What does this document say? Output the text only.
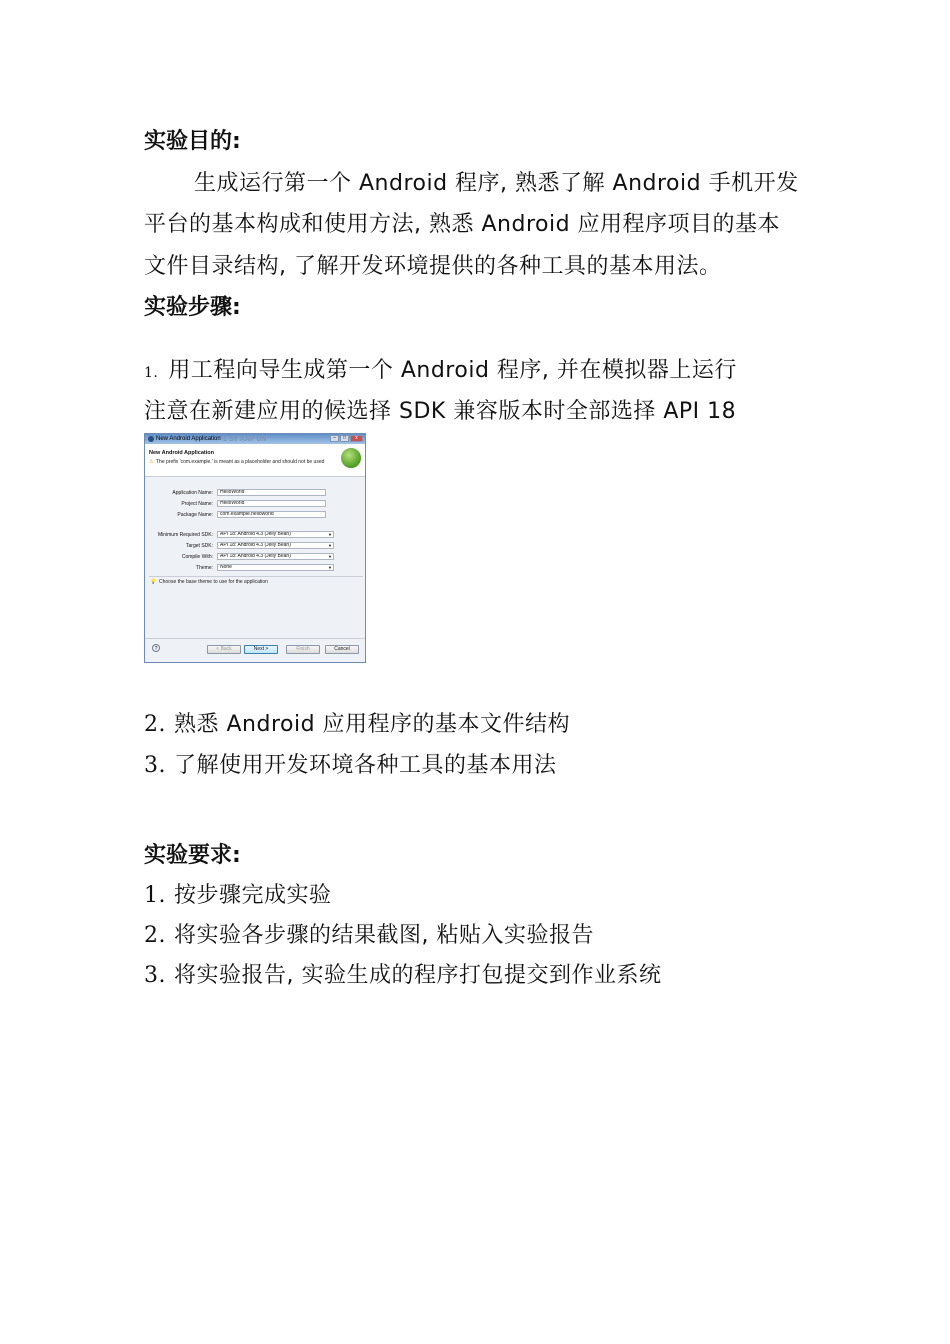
实验目的:
生成运行第一个 Android 程序, 熟悉了解 Android 手机开发
平台的基本构成和使用方法, 熟悉 Android 应用程序项目的基本
文件目录结构, 了解开发环境提供的各种工具的基本用法。
实验步骤:
1. 用工程向导生成第一个 Android 程序, 并在模拟器上运行
注意在新建应用的候选择 SDK 兼容版本时全部选择 API 18
New Android Application 1 SY AAP UN	–	□	x
New Android Application
⚠ The prefix 'com.example.' is meant as a placeholder and should not be used
Application Name:	HelloWorld
Project Name:	HelloWorld
Package Name:	com.example.helloworld
Minimum Required SDK:	API 18: Android 4.3 (Jelly Bean)	▼
Target SDK:	API 18: Android 4.3 (Jelly Bean)	▼
Compile With:	API 18: Android 4.3 (Jelly Bean)	▼
Theme:	None	▼
💡 Choose the base theme to use for the application
?	< Back	Next >	Finish	Cancel
2. 熟悉 Android 应用程序的基本文件结构
3. 了解使用开发环境各种工具的基本用法
实验要求:
1. 按步骤完成实验
2. 将实验各步骤的结果截图, 粘贴入实验报告
3. 将实验报告, 实验生成的程序打包提交到作业系统
